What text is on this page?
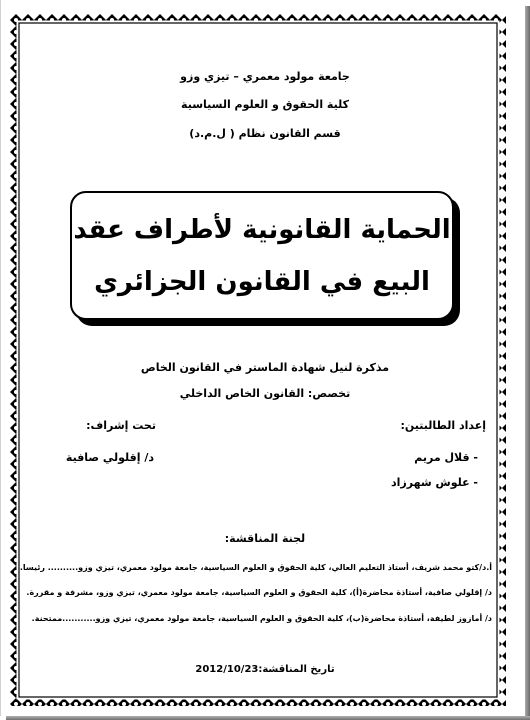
جامعة مولود معمري – تيزي وزو
كلية الحقوق و العلوم السياسية
قسم القانون نظام ( ل.م.د)
الحماية القانونية لأطراف عقد
البيع في القانون الجزائري
مذكرة لنيل شهادة الماستر في القانون الخاص
تخصص: القانون الخاص الداخلي
إعداد الطالبتين:
تحت إشراف:
- قلال مريم
- علوش شهرزاد
د/ إقلولي صافية
لجنة المناقشة:
أ.د/كتو محمد شريف، أستاذ التعليم العالي، كلية الحقوق و العلوم السياسية، جامعة مولود معمري، تيزي وزو.......... رئيسا.
د/ إقلولي صافية، أستاذة محاضرة(أ)، كلية الحقوق و العلوم السياسية، جامعة مولود معمري، تيزي وزو، مشرفة و مقررة.
د/ أمازوز لطيفة، أستاذة محاضرة(ب)، كلية الحقوق و العلوم السياسية، جامعة مولود معمري، تيزي وزو...........ممتحنة.
تاريخ المناقشة:2012/10/23
